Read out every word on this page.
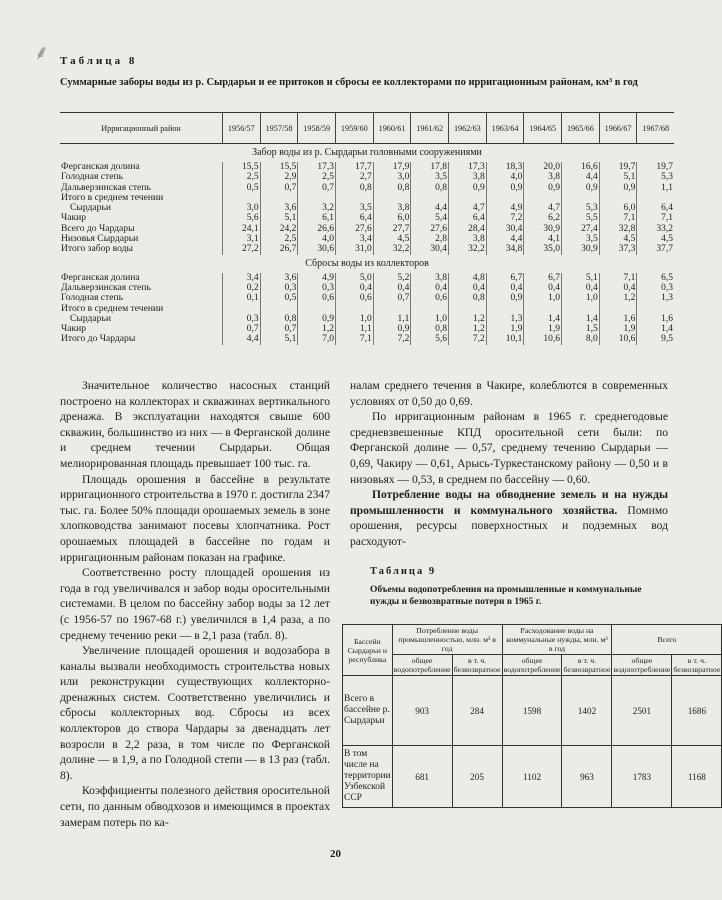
⸙ Таблица 8
Суммарные заборы воды из р. Сырдарьи и ее притоков и сбросы ее коллекторами по ирригационным районам, км³ в год
Ирригационный район	1956/57	1957/58	1958/59	1959/60	1960/61	1961/62	1962/63	1963/64	1964/65	1965/66	1966/67	1967/68
Забор воды из р. Сырдарьи головными сооружениями												
Ферганская долина	15,5	15,5	17,3	17,7	17,9	17,8	17,3	18,3	20,0	16,6	19,7	19,7
Голодная степь	2,5	2,9	2,5	2,7	3,0	3,5	3,8	4,0	3,8	4,4	5,1	5,3
Дальверзинская степь	0,5	0,7	0,7	0,8	0,8	0,8	0,9	0,9	0,9	0,9	0,9	1,1
Итого в среднем течении												
Сырдарьи	3,0	3,6	3,2	3,5	3,8	4,4	4,7	4,9	4,7	5,3	6,0	6,4
Чакир	5,6	5,1	6,1	6,4	6,0	5,4	6,4	7,2	6,2	5,5	7,1	7,1
Всего до Чардары	24,1	24,2	26,6	27,6	27,7	27,6	28,4	30,4	30,9	27,4	32,8	33,2
Низовья Сырдарьи	3,1	2,5	4,0	3,4	4,5	2,8	3,8	4,4	4,1	3,5	4,5	4,5
Итого забор воды	27,2	26,7	30,6	31,0	32,2	30,4	32,2	34,8	35,0	30,9	37,3	37,7
Сбросы воды из коллекторов												
Ферганская долина	3,4	3,6	4,9	5,0	5,2	3,8	4,8	6,7	6,7	5,1	7,1	6,5
Дальверзинская степь	0,2	0,3	0,3	0,4	0,4	0,4	0,4	0,4	0,4	0,4	0,4	0,3
Голодная степь	0,1	0,5	0,6	0,6	0,7	0,6	0,8	0,9	1,0	1,0	1,2	1,3
Итого в среднем течении												
Сырдарьи	0,3	0,8	0,9	1,0	1,1	1,0	1,2	1,3	1,4	1,4	1,6	1,6
Чакир	0,7	0,7	1,2	1,1	0,9	0,8	1,2	1,9	1,9	1,5	1,9	1,4
Итого до Чардары	4,4	5,1	7,0	7,1	7,2	5,6	7,2	10,1	10,6	8,0	10,6	9,5

Значительное количество насосных станций построено на коллекторах и скважинах вертикального дренажа. В эксплуатации находятся свыше 600 скважин, большинство из них — в Ферганской долине и среднем течении Сырдарьи. Общая мелиорированная площадь превышает 100 тыс. га.

Площадь орошения в бассейне в результате ирригационного строительства в 1970 г. достигла 2347 тыс. га. Более 50% площади орошаемых земель в зоне хлопководства занимают посевы хлопчатника. Рост орошаемых площадей в бассейне по годам и ирригационным районам показан на графике.

Соответственно росту площадей орошения из года в год увеличивался и забор воды оросительными системами. В целом по бассейну забор воды за 12 лет (с 1956-57 по 1967-68 г.) увеличился в 1,4 раза, а по среднему течению реки — в 2,1 раза (табл. 8).

Увеличение площадей орошения и водозабора в каналы вызвали необходимость строительства новых или реконструкции существующих коллекторно-дренажных систем. Соответственно увеличились и сбросы коллекторных вод. Сбросы из всех коллекторов до створа Чардары за двенадцать лет возросли в 2,2 раза, в том числе по Ферганской долине — в 1,9, а по Голодной степи — в 13 раз (табл. 8).

Коэффициенты полезного действия оросительной сети, по данным обводхозов и имеющимся в проектах замерам потерь по ка-

налам среднего течения в Чакире, колеблются в современных условиях от 0,50 до 0,69.

По ирригационным районам в 1965 г. среднегодовые средневзвешенные КПД оросительной сети были: по Ферганской долине — 0,57, среднему течению Сырдарьи — 0,69, Чакиру — 0,61, Арысь-Туркестанскому району — 0,50 и в низовьях — 0,53, в среднем по бассейну — 0,60.

Потребление воды на обводнение земель и на нужды промышленности и коммунального хозяйства. Помимо орошения, ресурсы поверхностных и подземных вод расходуют-

Таблица 9
Объемы водопотребления на промышленные и коммунальные нужды и безвозвратные потери в 1965 г.
Бассейн Сырдарьи и республика	Потребление воды промышленностью, млн. м³ в год		Расходование воды на коммунальные нужды, млн. м³ в год		Всего	
	общее водопотребление	в т. ч. безвозвратное	общее водопотребление	в т. ч. безвозвратное	общее водопотребление	в т. ч. безвозвратное
Всего в бассейне р. Сырдарьи	903	284	1598	1402	2501	1686
В том числе на территории Узбекской ССР	681	205	1102	963	1783	1168
20
